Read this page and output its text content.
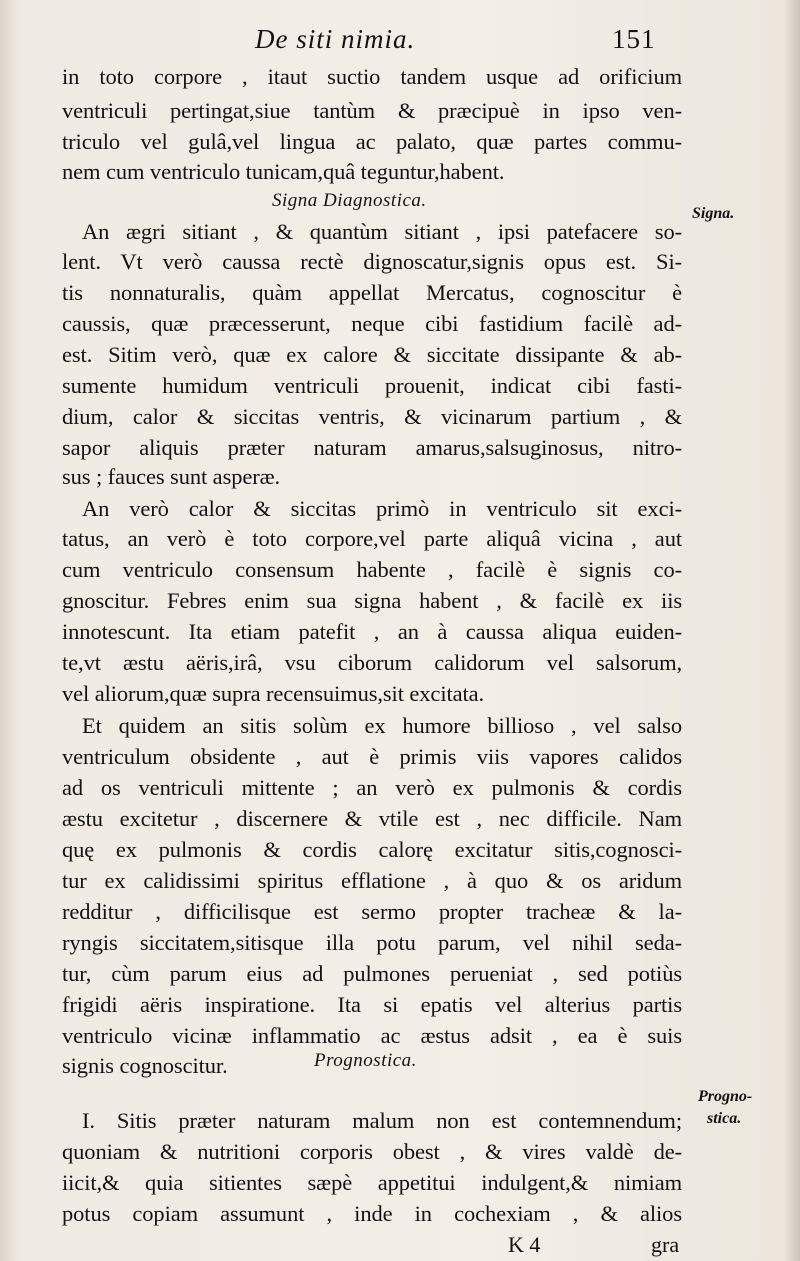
De siti nimia.	151
in toto corpore , itaut suctio tandem usque ad orificium
ventriculi pertingat,siue tantùm & præcipuè in ipso ven-
triculo vel gulâ,vel lingua ac palato, quæ partes commu-
nem cum ventriculo tunicam,quâ teguntur,habent.
Signa Diagnostica.
An ægri sitiant , & quantùm sitiant , ipsi patefacere so-
lent. Vt verò caussa rectè dignoscatur,signis opus est. Si-
tis nonnaturalis, quàm appellat Mercatus, cognoscitur è
caussis, quæ præcesserunt, neque cibi fastidium facilè ad-
est. Sitim verò, quæ ex calore & siccitate dissipante & ab-
sumente humidum ventriculi prouenit, indicat cibi fasti-
dium, calor & siccitas ventris, & vicinarum partium , &
sapor aliquis præter naturam amarus,salsuginosus, nitro-
sus ; fauces sunt asperæ.
An verò calor & siccitas primò in ventriculo sit exci-
tatus, an verò è toto corpore,vel parte aliquâ vicina , aut
cum ventriculo consensum habente , facilè è signis co-
gnoscitur. Febres enim sua signa habent , & facilè ex iis
innotescunt. Ita etiam patefit , an à caussa aliqua euiden-
te,vt æstu aëris,irâ, vsu ciborum calidorum vel salsorum,
vel aliorum,quæ supra recensuimus,sit excitata.
Et quidem an sitis solùm ex humore billioso , vel salso
ventriculum obsidente , aut è primis viis vapores calidos
ad os ventriculi mittente ; an verò ex pulmonis & cordis
æstu excitetur , discernere & vtile est , nec difficile. Nam
quę ex pulmonis & cordis calorę excitatur sitis,cognosci-
tur ex calidissimi spiritus efflatione , à quo & os aridum
redditur , difficilisque est sermo propter tracheæ & la-
ryngis siccitatem,sitisque illa potu parum, vel nihil seda-
tur, cùm parum eius ad pulmones perueniat , sed potiùs
frigidi aëris inspiratione. Ita si epatis vel alterius partis
ventriculo vicinæ inflammatio ac æstus adsit , ea è suis
signis cognoscitur.	Prognostica.
I. Sitis præter naturam malum non est contemnendum;
quoniam & nutritioni corporis obest , & vires valdè de-
iicit,& quia sitientes sæpè appetitui indulgent,& nimiam
potus copiam assumunt , inde in cochexiam , & alios
Signa.
Progno-
stica.
K 4	gra
